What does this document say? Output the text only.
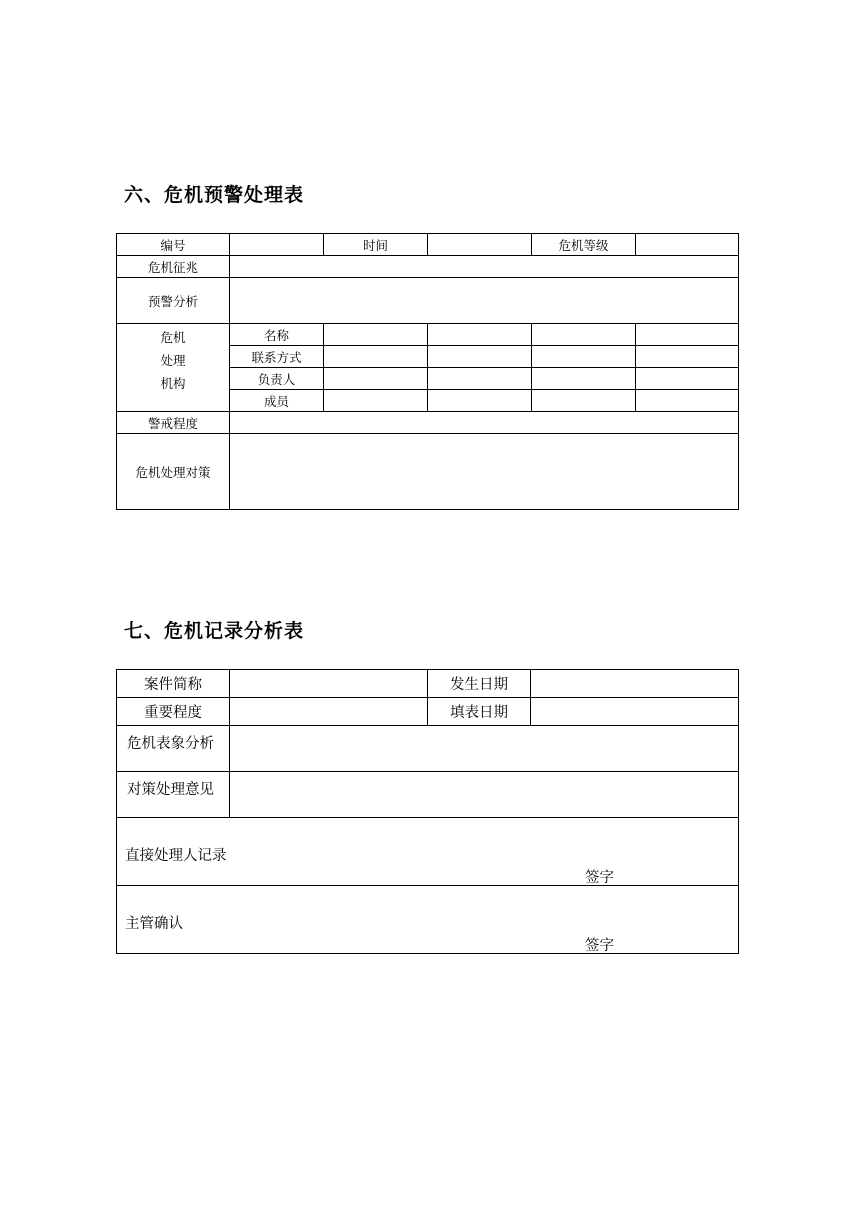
六、危机预警处理表
编号		时间		危机等级	
危机征兆					
预警分析					

危机
处理
机构	名称				
	联系方式				
	负责人				
	成员				
警戒程度					
危机处理对策					
七、危机记录分析表
案件简称		发生日期	
重要程度		填表日期	
危机表象分析			
对策处理意见			

直接处理人记录
签字			

主管确认
签字			
